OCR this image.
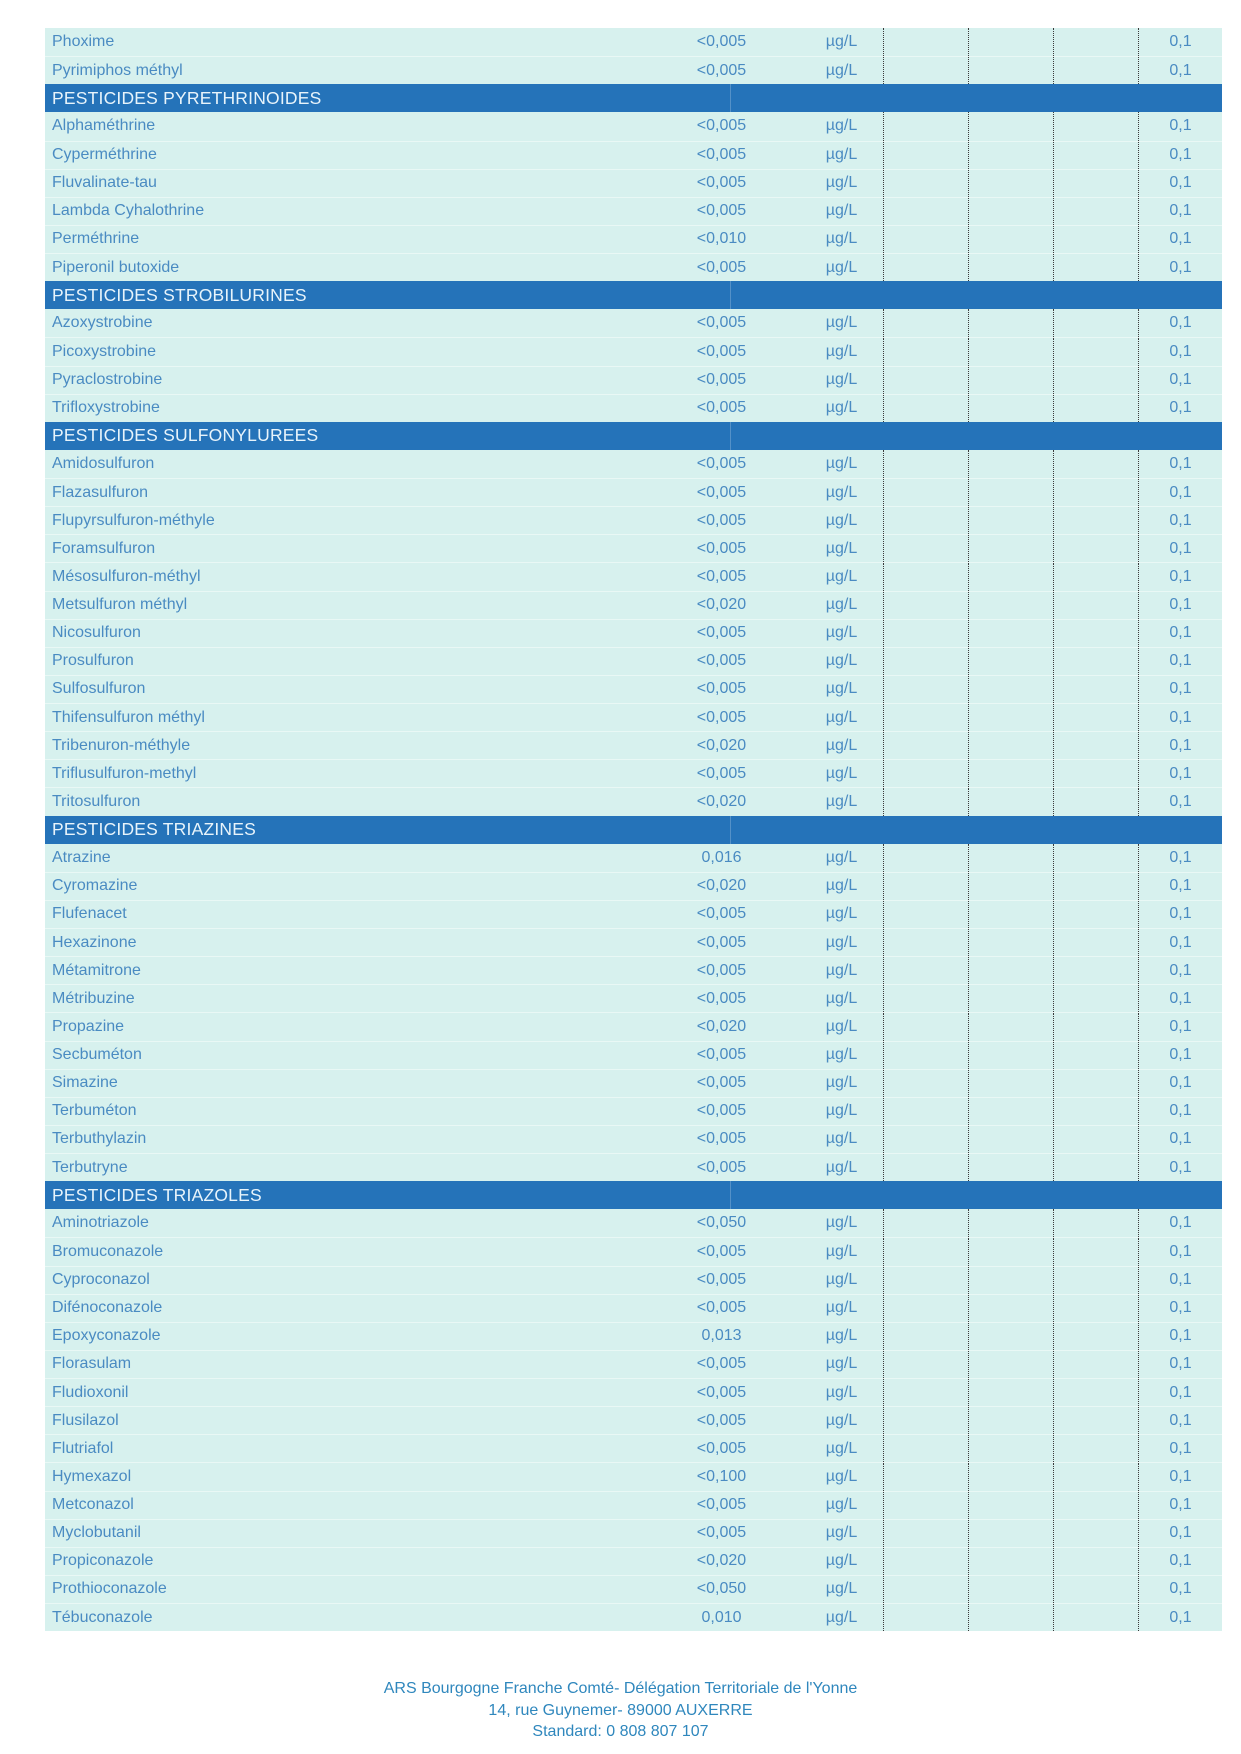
Phoxime	<0,005	µg/L	0,1
Pyrimiphos méthyl	<0,005	µg/L	0,1
PESTICIDES PYRETHRINOIDES
Alphaméthrine	<0,005	µg/L	0,1
Cyperméthrine	<0,005	µg/L	0,1
Fluvalinate-tau	<0,005	µg/L	0,1
Lambda Cyhalothrine	<0,005	µg/L	0,1
Perméthrine	<0,010	µg/L	0,1
Piperonil butoxide	<0,005	µg/L	0,1
PESTICIDES STROBILURINES
Azoxystrobine	<0,005	µg/L	0,1
Picoxystrobine	<0,005	µg/L	0,1
Pyraclostrobine	<0,005	µg/L	0,1
Trifloxystrobine	<0,005	µg/L	0,1
PESTICIDES SULFONYLUREES
Amidosulfuron	<0,005	µg/L	0,1
Flazasulfuron	<0,005	µg/L	0,1
Flupyrsulfuron-méthyle	<0,005	µg/L	0,1
Foramsulfuron	<0,005	µg/L	0,1
Mésosulfuron-méthyl	<0,005	µg/L	0,1
Metsulfuron méthyl	<0,020	µg/L	0,1
Nicosulfuron	<0,005	µg/L	0,1
Prosulfuron	<0,005	µg/L	0,1
Sulfosulfuron	<0,005	µg/L	0,1
Thifensulfuron méthyl	<0,005	µg/L	0,1
Tribenuron-méthyle	<0,020	µg/L	0,1
Triflusulfuron-methyl	<0,005	µg/L	0,1
Tritosulfuron	<0,020	µg/L	0,1
PESTICIDES TRIAZINES
Atrazine	0,016	µg/L	0,1
Cyromazine	<0,020	µg/L	0,1
Flufenacet	<0,005	µg/L	0,1
Hexazinone	<0,005	µg/L	0,1
Métamitrone	<0,005	µg/L	0,1
Métribuzine	<0,005	µg/L	0,1
Propazine	<0,020	µg/L	0,1
Secbuméton	<0,005	µg/L	0,1
Simazine	<0,005	µg/L	0,1
Terbuméton	<0,005	µg/L	0,1
Terbuthylazin	<0,005	µg/L	0,1
Terbutryne	<0,005	µg/L	0,1
PESTICIDES TRIAZOLES
Aminotriazole	<0,050	µg/L	0,1
Bromuconazole	<0,005	µg/L	0,1
Cyproconazol	<0,005	µg/L	0,1
Difénoconazole	<0,005	µg/L	0,1
Epoxyconazole	0,013	µg/L	0,1
Florasulam	<0,005	µg/L	0,1
Fludioxonil	<0,005	µg/L	0,1
Flusilazol	<0,005	µg/L	0,1
Flutriafol	<0,005	µg/L	0,1
Hymexazol	<0,100	µg/L	0,1
Metconazol	<0,005	µg/L	0,1
Myclobutanil	<0,005	µg/L	0,1
Propiconazole	<0,020	µg/L	0,1
Prothioconazole	<0,050	µg/L	0,1
Tébuconazole	0,010	µg/L	0,1
ARS Bourgogne Franche Comté- Délégation Territoriale de l'Yonne
14, rue Guynemer- 89000 AUXERRE
Standard: 0 808 807 107
